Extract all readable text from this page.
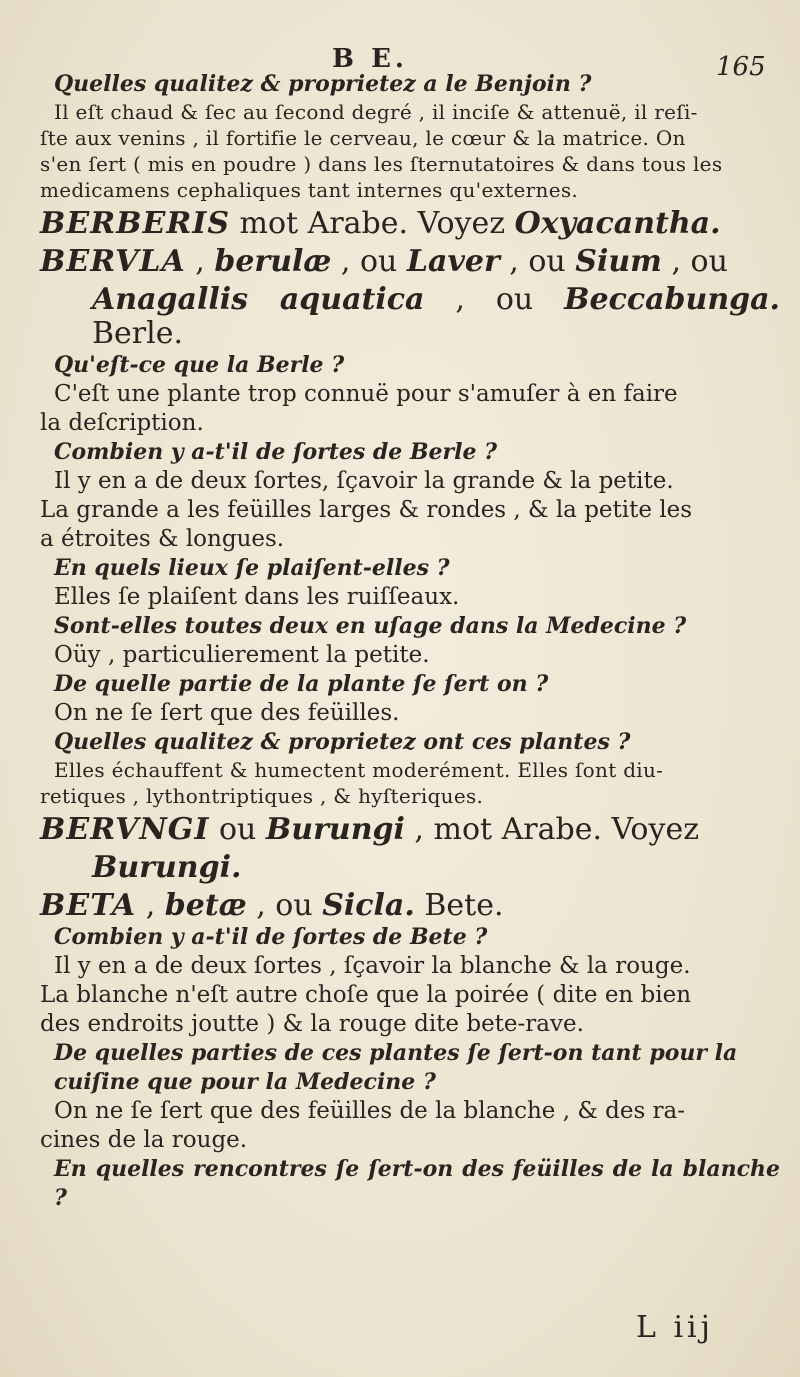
B E.	165

Quelles qualitez & proprietez a le Benjoin ?

Il eſt chaud & ſec au ſecond degré , il inciſe & attenuë, il reſi-

ſte aux venins , il fortifie le cerveau, le cœur & la matrice. On

s'en ſert ( mis en poudre ) dans les ſternutatoires & dans tous les

medicamens cephaliques tant internes qu'externes.

BERBERIS mot Arabe. Voyez Oxyacantha.

BERVLA , berulæ , ou Laver , ou Sium , ou

Anagallis aquatica , ou Beccabunga. Berle.

Qu'eſt-ce que la Berle ?

C'eſt une plante trop connuë pour s'amuſer à en faire

la deſcription.

Combien y a-t'il de ſortes de Berle ?

Il y en a de deux ſortes, ſçavoir la grande & la petite.

La grande a les feüilles larges & rondes , & la petite les

a étroites & longues.

En quels lieux ſe plaiſent-elles ?

Elles ſe plaiſent dans les ruiſſeaux.

Sont-elles toutes deux en uſage dans la Medecine ?

Oüy , particulierement la petite.

De quelle partie de la plante ſe ſert on ?

On ne ſe ſert que des feüilles.

Quelles qualitez & proprietez ont ces plantes ?

Elles échauffent & humectent moderément. Elles ſont diu-

retiques , lythontriptiques , & hyſteriques.

BERVNGI ou Burungi , mot Arabe. Voyez

Burungi.

BETA , betæ , ou Sicla. Bete.

Combien y a-t'il de ſortes de Bete ?

Il y en a de deux ſortes , ſçavoir la blanche & la rouge.

La blanche n'eſt autre choſe que la poirée ( dite en bien

des endroits joutte ) & la rouge dite bete-rave.

De quelles parties de ces plantes ſe ſert-on tant pour la

cuiſine que pour la Medecine ?

On ne ſe ſert que des feüilles de la blanche , & des ra-

cines de la rouge.

En quelles rencontres ſe ſert-on des feüilles de la blanche ?

L iij
